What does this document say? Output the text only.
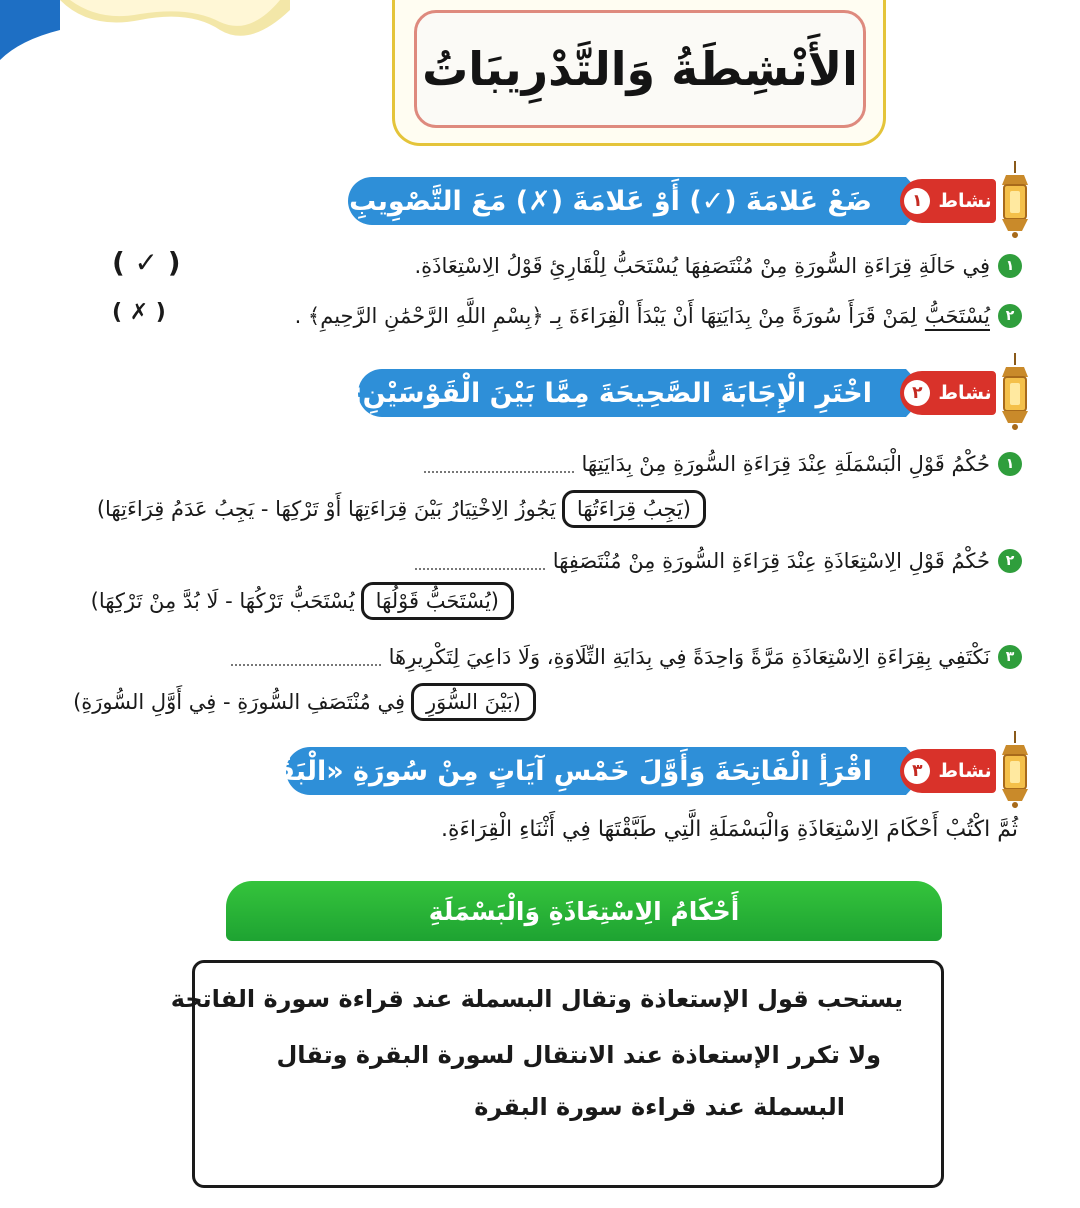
الأَنْشِطَةُ وَالتَّدْرِيبَاتُ
ضَعْ عَلامَةَ (✓) أَوْ عَلامَةَ (✗) مَعَ التَّصْوِيبِ:	نشاط
١
١
فِي حَالَةِ قِرَاءَةِ السُّورَةِ مِنْ مُنْتَصَفِهَا يُسْتَحَبُّ لِلْقَارِئِ قَوْلُ الِاسْتِعَاذَةِ.
( ✓ )
٢
يُسْتَحَبُّ
لِمَنْ قَرَأَ سُورَةً مِنْ بِدَايَتِهَا أَنْ يَبْدَأَ الْقِرَاءَةَ بِـ ﴿بِسْمِ اللَّهِ الرَّحْمَٰنِ الرَّحِيمِ﴾ .
( ✗ )
اخْتَرِ الْإِجَابَةَ الصَّحِيحَةَ مِمَّا بَيْنَ الْقَوْسَيْنِ:	نشاط
٢
١
حُكْمُ قَوْلِ الْبَسْمَلَةِ عِنْدَ قِرَاءَةِ السُّورَةِ مِنْ بِدَايَتِهَا
(يَجِبُ قِرَاءَتُهَا
يَجُوزُ الِاخْتِيَارُ بَيْنَ قِرَاءَتِهَا أَوْ تَرْكِهَا - يَجِبُ عَدَمُ قِرَاءَتِهَا)
٢
حُكْمُ قَوْلِ الِاسْتِعَاذَةِ عِنْدَ قِرَاءَةِ السُّورَةِ مِنْ مُنْتَصَفِهَا
(يُسْتَحَبُّ قَوْلُهَا
يُسْتَحَبُّ تَرْكُهَا - لَا بُدَّ مِنْ تَرْكِهَا)
٣
نَكْتَفِي بِقِرَاءَةِ الِاسْتِعَاذَةِ مَرَّةً وَاحِدَةً فِي بِدَايَةِ التِّلَاوَةِ، وَلَا دَاعِيَ لِتَكْرِيرِهَا
(بَيْنَ السُّوَرِ
فِي مُنْتَصَفِ السُّورَةِ - فِي أَوَّلِ السُّورَةِ)
اقْرَأِ الْفَاتِحَةَ وَأَوَّلَ خَمْسِ آيَاتٍ مِنْ سُورَةِ «الْبَقَرَةِ»:	نشاط
٣
ثُمَّ اكْتُبْ أَحْكَامَ الِاسْتِعَاذَةِ وَالْبَسْمَلَةِ الَّتِي طَبَّقْتَهَا فِي أَثْنَاءِ الْقِرَاءَةِ.
أَحْكَامُ الِاسْتِعَاذَةِ وَالْبَسْمَلَةِ
يستحب قول الإستعاذة وتقال البسملة عند قراءة سورة الفاتحة
ولا تكرر الإستعاذة عند الانتقال لسورة البقرة وتقال
البسملة عند قراءة سورة البقرة
